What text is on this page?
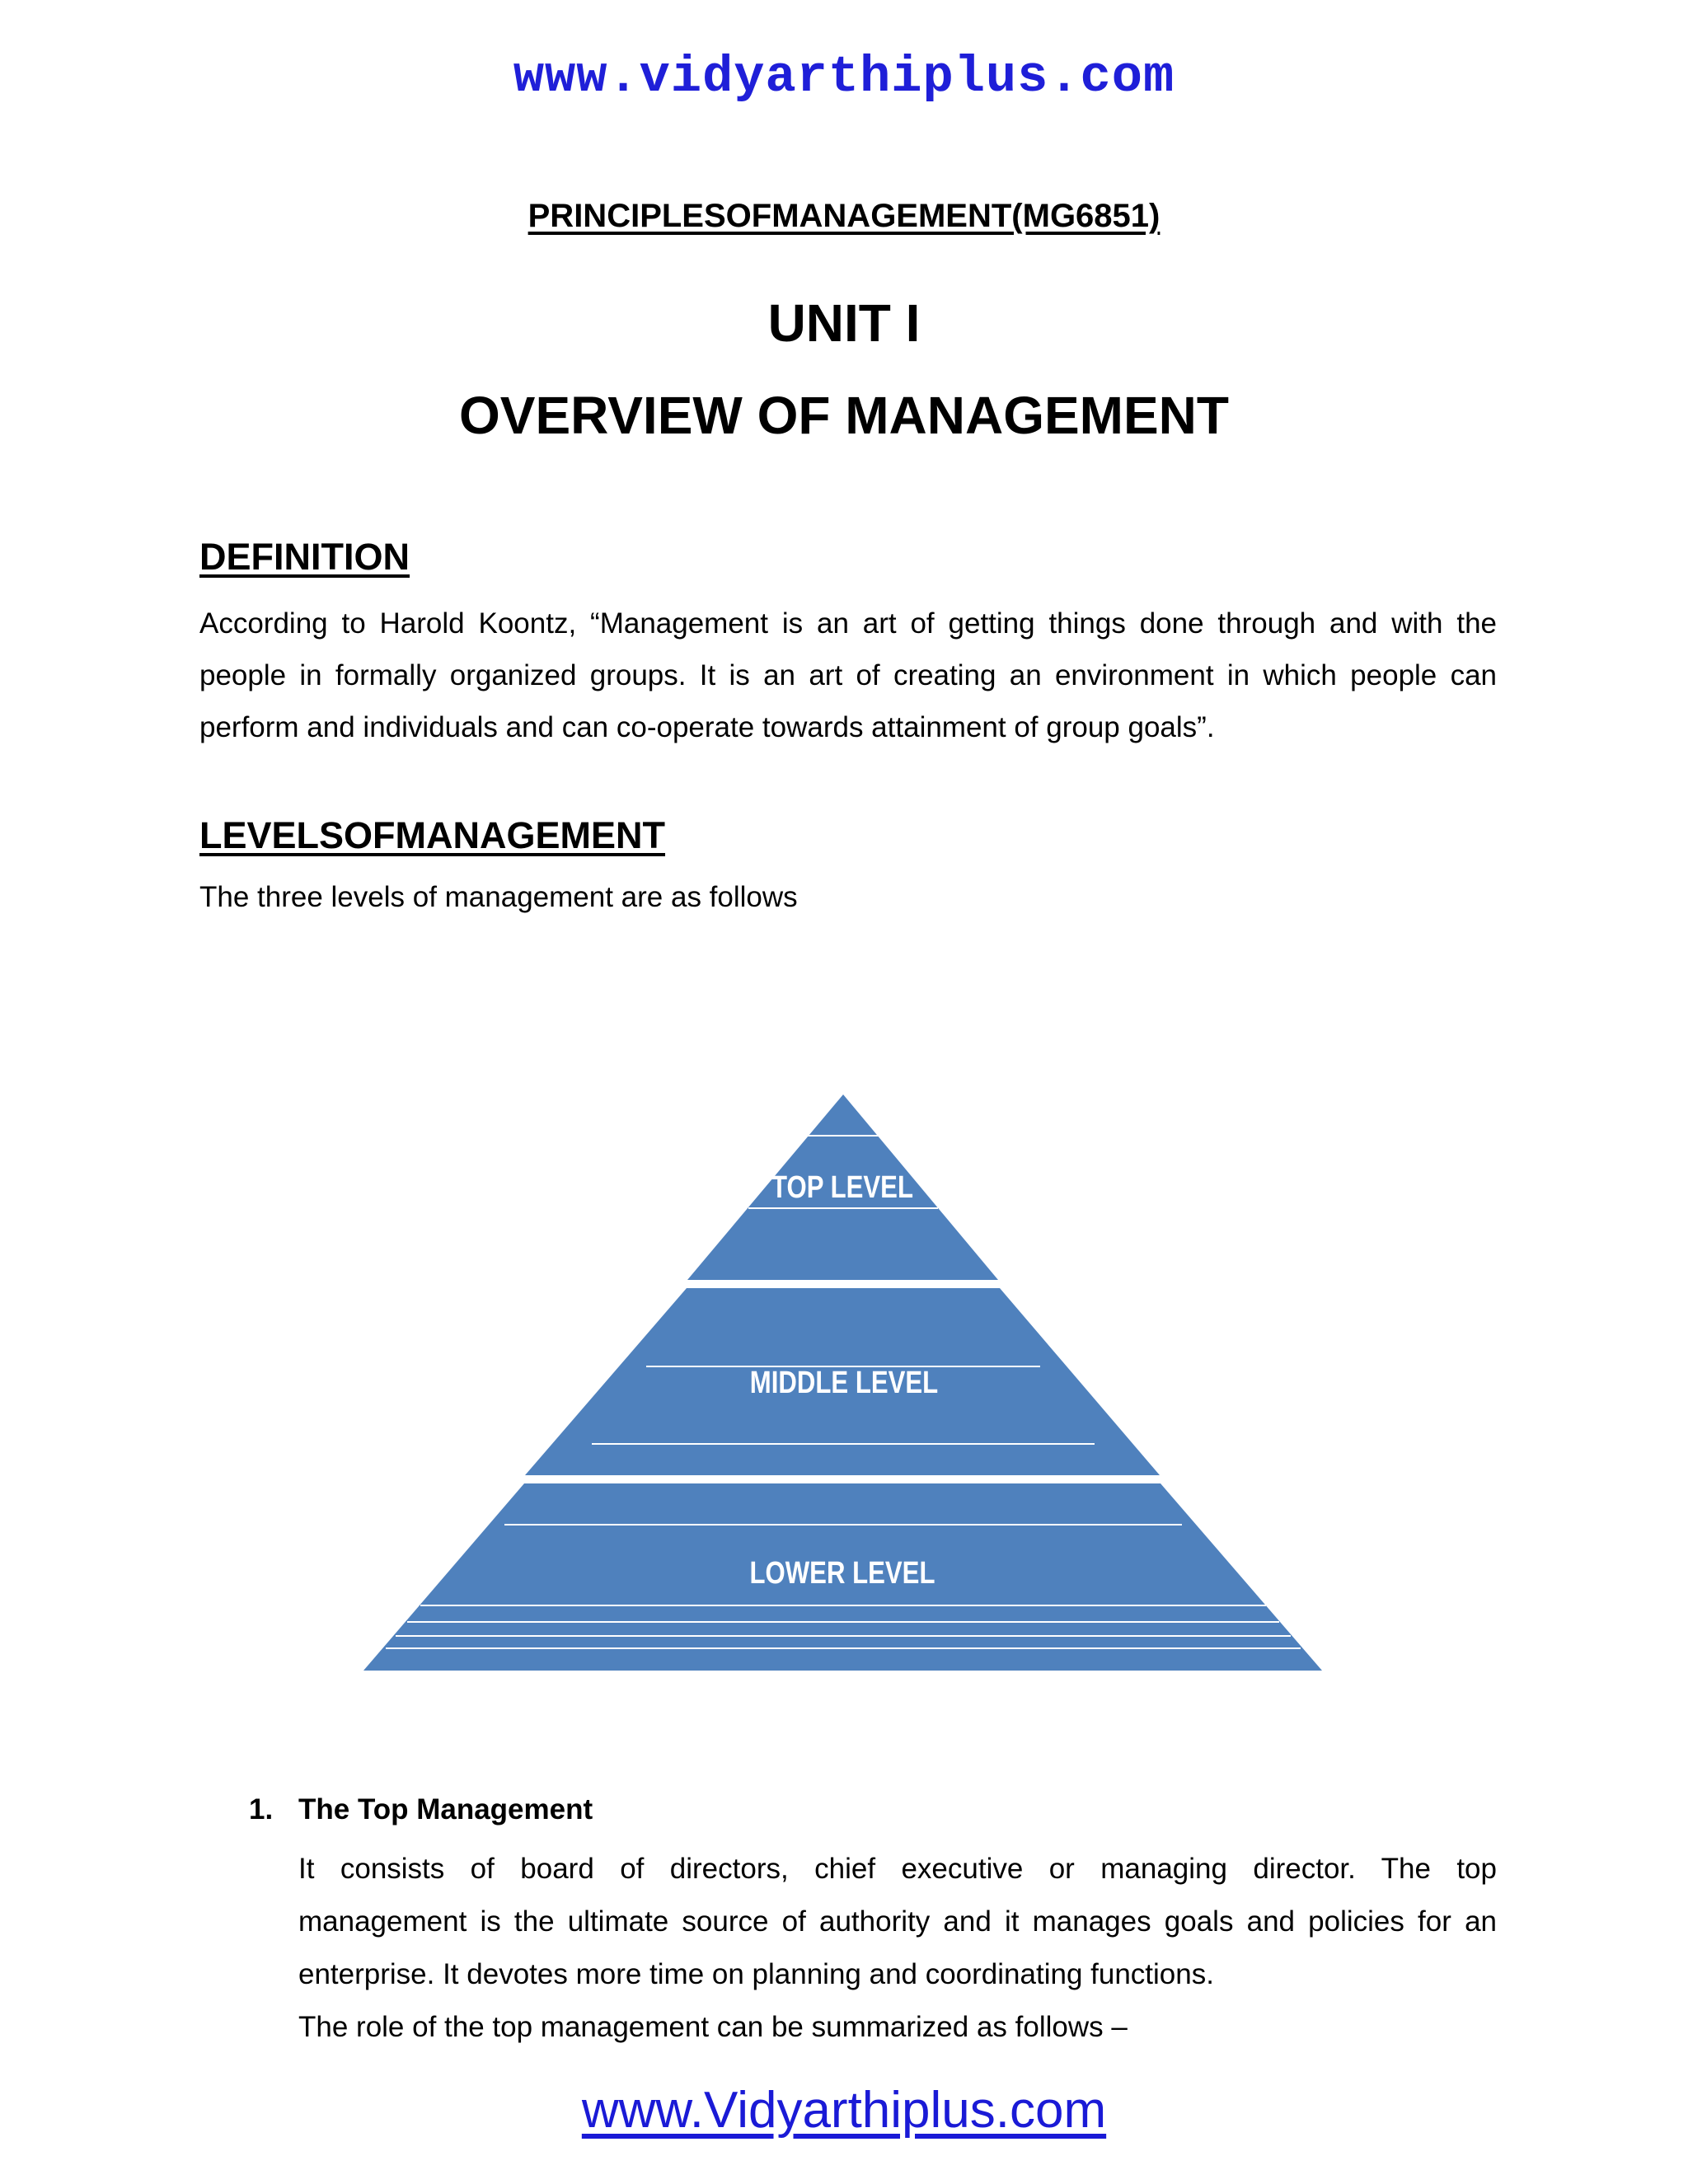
www.vidyarthiplus.com
PRINCIPLESOFMANAGEMENT(MG6851)
UNIT I
OVERVIEW OF MANAGEMENT
DEFINITION
According to Harold Koontz, “Management is an art of getting things done through and with the
people in formally organized groups. It is an art of creating an environment in which people can
perform and individuals and can co-operate towards attainment of group goals”.
LEVELSOFMANAGEMENT
The three levels of management are as follows
TOP LEVEL
MIDDLE LEVEL
LOWER LEVEL
1. The Top Management
It consists of board of directors, chief executive or managing director. The top
management is the ultimate source of authority and it manages goals and policies for an
enterprise. It devotes more time on planning and coordinating functions.
The role of the top management can be summarized as follows –
www.Vidyarthiplus.com
